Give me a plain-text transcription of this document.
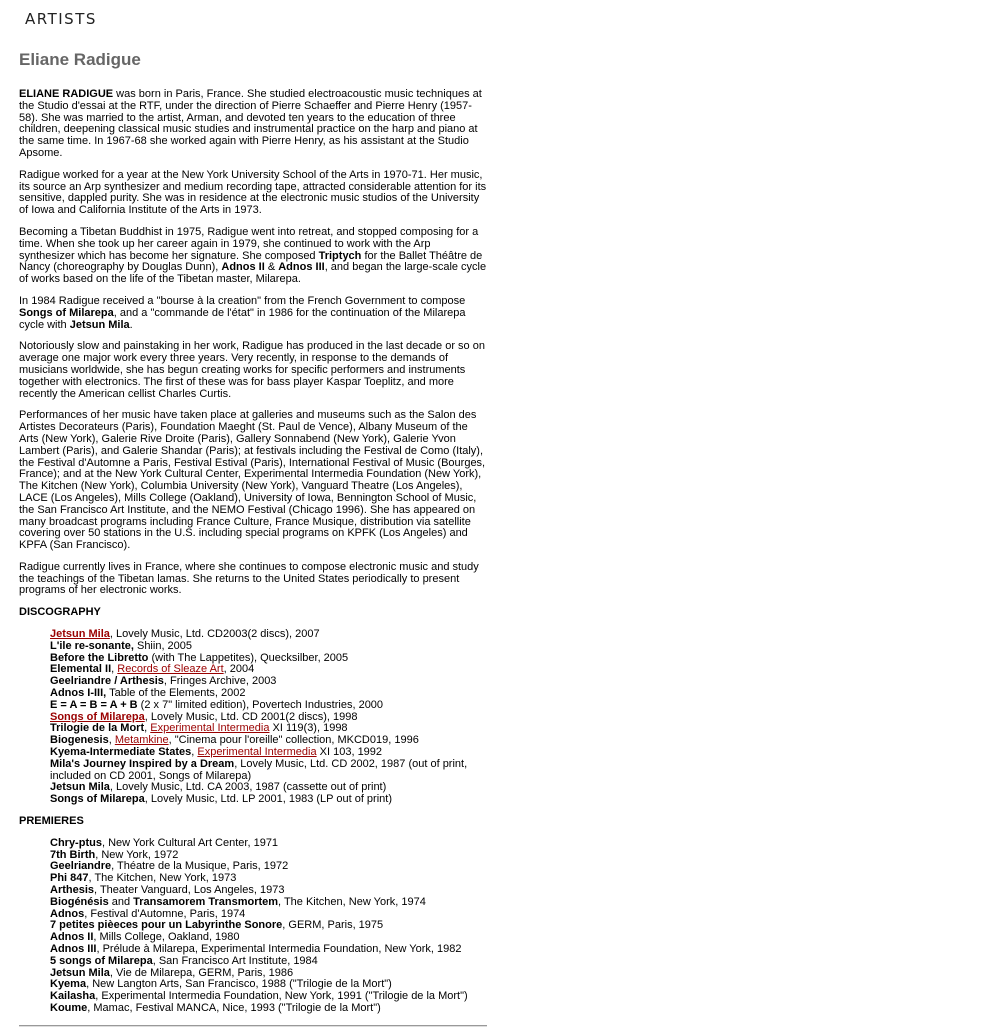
ARTISTS
Eliane Radigue

ELIANE RADIGUE was born in Paris, France. She studied electroacoustic music techniques at the Studio d'essai at the RTF, under the direction of Pierre Schaeffer and Pierre Henry (1957-58). She was married to the artist, Arman, and devoted ten years to the education of three children, deepening classical music studies and instrumental practice on the harp and piano at the same time. In 1967-68 she worked again with Pierre Henry, as his assistant at the Studio Apsome.

Radigue worked for a year at the New York University School of the Arts in 1970-71. Her music, its source an Arp synthesizer and medium recording tape, attracted considerable attention for its sensitive, dappled purity. She was in residence at the electronic music studios of the University of Iowa and California Institute of the Arts in 1973.

Becoming a Tibetan Buddhist in 1975, Radigue went into retreat, and stopped composing for a time. When she took up her career again in 1979, she continued to work with the Arp synthesizer which has become her signature. She composed Triptych for the Ballet Théâtre de Nancy (choreography by Douglas Dunn), Adnos II & Adnos III, and began the large-scale cycle of works based on the life of the Tibetan master, Milarepa.

In 1984 Radigue received a "bourse à la creation" from the French Government to compose Songs of Milarepa, and a "commande de l'état" in 1986 for the continuation of the Milarepa cycle with Jetsun Mila.

Notoriously slow and painstaking in her work, Radigue has produced in the last decade or so on average one major work every three years. Very recently, in response to the demands of musicians worldwide, she has begun creating works for specific performers and instruments together with electronics. The first of these was for bass player Kaspar Toeplitz, and more recently the American cellist Charles Curtis.

Performances of her music have taken place at galleries and museums such as the Salon des Artistes Decorateurs (Paris), Foundation Maeght (St. Paul de Vence), Albany Museum of the Arts (New York), Galerie Rive Droite (Paris), Gallery Sonnabend (New York), Galerie Yvon Lambert (Paris), and Galerie Shandar (Paris); at festivals including the Festival de Como (Italy), the Festival d'Automne a Paris, Festival Estival (Paris), International Festival of Music (Bourges, France); and at the New York Cultural Center, Experimental Intermedia Foundation (New York), The Kitchen (New York), Columbia University (New York), Vanguard Theatre (Los Angeles), LACE (Los Angeles), Mills College (Oakland), University of Iowa, Bennington School of Music, the San Francisco Art Institute, and the NEMO Festival (Chicago 1996). She has appeared on many broadcast programs including France Culture, France Musique, distribution via satellite covering over 50 stations in the U.S. including special programs on KPFK (Los Angeles) and KPFA (San Francisco).

Radigue currently lives in France, where she continues to compose electronic music and study the teachings of the Tibetan lamas. She returns to the United States periodically to present programs of her electronic works.

DISCOGRAPHY
Jetsun Mila, Lovely Music, Ltd. CD2003(2 discs), 2007
L'ile re-sonante, Shiin, 2005
Before the Libretto (with The Lappetites), Quecksilber, 2005
Elemental II, Records of Sleaze Art, 2004
Geelriandre / Arthesis, Fringes Archive, 2003
Adnos I-III, Table of the Elements, 2002
E = A = B = A + B (2 x 7" limited edition), Povertech Industries, 2000
Songs of Milarepa, Lovely Music, Ltd. CD 2001(2 discs), 1998
Trilogie de la Mort, Experimental Intermedia XI 119(3), 1998
Biogenesis, Metamkine, "Cinema pour l'oreille" collection, MKCD019, 1996
Kyema-Intermediate States, Experimental Intermedia XI 103, 1992
Mila's Journey Inspired by a Dream, Lovely Music, Ltd. CD 2002, 1987 (out of print, included on CD 2001, Songs of Milarepa)
Jetsun Mila, Lovely Music, Ltd. CA 2003, 1987 (cassette out of print)
Songs of Milarepa, Lovely Music, Ltd. LP 2001, 1983 (LP out of print)
PREMIERES
Chry-ptus, New York Cultural Art Center, 1971
7th Birth, New York, 1972
Geelriandre, Théatre de la Musique, Paris, 1972
Phi 847, The Kitchen, New York, 1973
Arthesis, Theater Vanguard, Los Angeles, 1973
Biogénésis and Transamorem Transmortem, The Kitchen, New York, 1974
Adnos, Festival d'Automne, Paris, 1974
7 petites pièeces pour un Labyrinthe Sonore, GERM, Paris, 1975
Adnos II, Mills College, Oakland, 1980
Adnos III, Prélude à Milarepa, Experimental Intermedia Foundation, New York, 1982
5 songs of Milarepa, San Francisco Art Institute, 1984
Jetsun Mila, Vie de Milarepa, GERM, Paris, 1986
Kyema, New Langton Arts, San Francisco, 1988 ("Trilogie de la Mort")
Kailasha, Experimental Intermedia Foundation, New York, 1991 ("Trilogie de la Mort")
Koume, Mamac, Festival MANCA, Nice, 1993 ("Trilogie de la Mort")
